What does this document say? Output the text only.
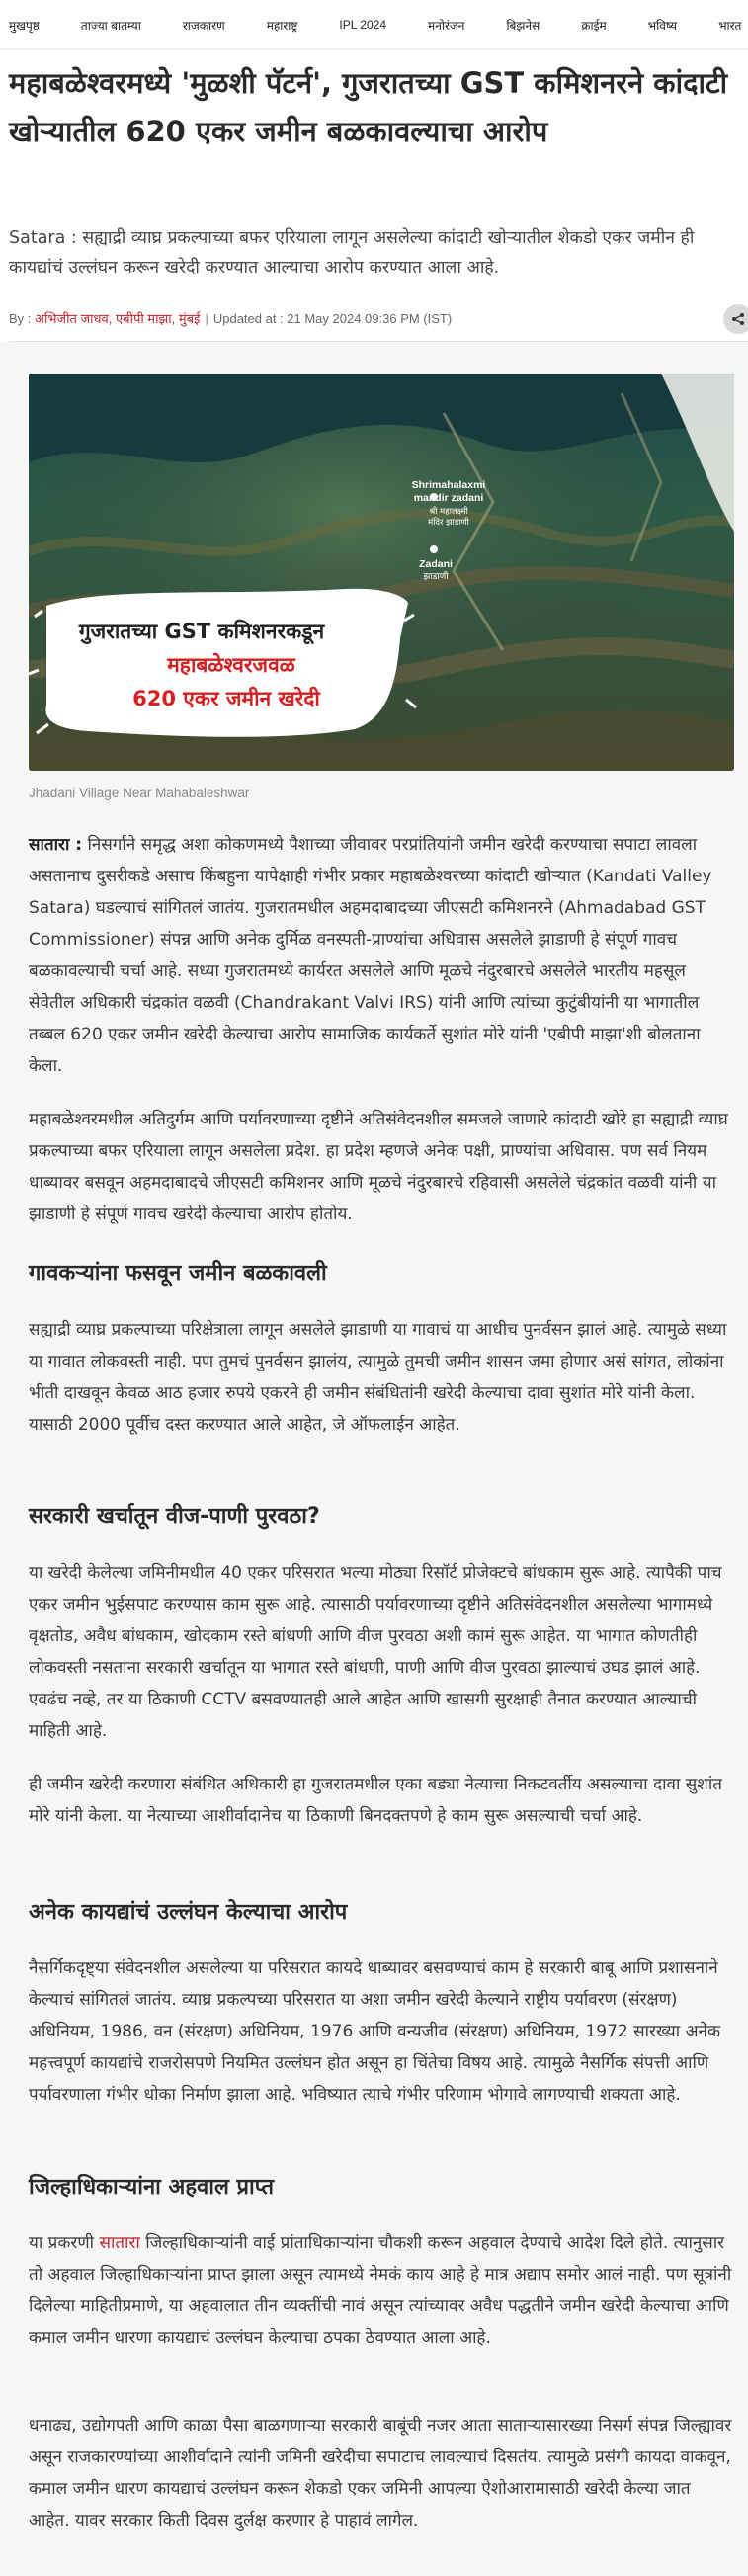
मुखपृष्ठ	ताज्या बातम्या	राजकारण	महाराष्ट्र	IPL 2024	मनोरंजन	बिझनेस	क्राईम	भविष्य	भारत
महाबळेश्वरमध्ये 'मुळशी पॅटर्न', गुजरातच्या GST कमिशनरने कांदाटी खोऱ्यातील 620 एकर जमीन बळकावल्याचा आरोप

Satara : सह्याद्री व्याघ्र प्रकल्पाच्या बफर एरियाला लागून असलेल्या कांदाटी खोऱ्यातील शेकडो एकर जमीन ही कायद्यांचं उल्लंघन करून खरेदी करण्यात आल्याचा आरोप करण्यात आला आहे.

By :
अभिजीत जाधव, एबीपी माझा, मुंबई | Updated at : 21 May 2024 09:36 PM (IST)
Shrimahalaxmi
mandir zadani
श्री महालक्ष्मी
मंदिर झाडाणी
Zadani
झाडाणी
गुजरातच्या GST कमिशनरकडून
महाबळेश्वरजवळ
620 एकर जमीन खरेदी
Jhadani Village Near Mahabaleshwar

सातारा : निसर्गाने समृद्ध अशा कोकणमध्ये पैशाच्या जीवावर परप्रांतियांनी जमीन खरेदी करण्याचा सपाटा लावला असतानाच दुसरीकडे असाच किंबहुना यापेक्षाही गंभीर प्रकार महाबळेश्वरच्या कांदाटी खोऱ्यात (Kandati Valley Satara) घडल्याचं सांगितलं जातंय. गुजरातमधील अहमदाबादच्या जीएसटी कमिशनरने (Ahmadabad GST Commissioner) संपन्न आणि अनेक दुर्मिळ वनस्पती-प्राण्यांचा अधिवास असलेले झाडाणी हे संपूर्ण गावच बळकावल्याची चर्चा आहे. सध्या गुजरातमध्ये कार्यरत असलेले आणि मूळचे नंदुरबारचे असलेले भारतीय महसूल सेवेतील अधिकारी चंद्रकांत वळवी (Chandrakant Valvi IRS) यांनी आणि त्यांच्या कुटुंबीयांनी या भागातील तब्बल 620 एकर जमीन खरेदी केल्याचा आरोप सामाजिक कार्यकर्ते सुशांत मोरे यांनी 'एबीपी माझा'शी बोलताना केला.

महाबळेश्वरमधील अतिदुर्गम आणि पर्यावरणाच्या दृष्टीने अतिसंवेदनशील समजले जाणारे कांदाटी खोरे हा सह्याद्री व्याघ्र प्रकल्पाच्या बफर एरियाला लागून असलेला प्रदेश. हा प्रदेश म्हणजे अनेक पक्षी, प्राण्यांचा अधिवास. पण सर्व नियम धाब्यावर बसवून अहमदाबादचे जीएसटी कमिशनर आणि मूळचे नंदुरबारचे रहिवासी असलेले चंद्रकांत वळवी यांनी या झाडाणी हे संपूर्ण गावच खरेदी केल्याचा आरोप होतोय.

गावकऱ्यांना फसवून जमीन बळकावली

सह्याद्री व्याघ्र प्रकल्पाच्या परिक्षेत्राला लागून असलेले झाडाणी या गावाचं या आधीच पुनर्वसन झालं आहे. त्यामुळे सध्या या गावात लोकवस्ती नाही. पण तुमचं पुनर्वसन झालंय, त्यामुळे तुमची जमीन शासन जमा होणार असं सांगत, लोकांना भीती दाखवून केवळ आठ हजार रुपये एकरने ही जमीन संबंधितांनी खरेदी केल्याचा दावा सुशांत मोरे यांनी केला. यासाठी 2000 पूर्वीच दस्त करण्यात आले आहेत, जे ऑफलाईन आहेत.

सरकारी खर्चातून वीज-पाणी पुरवठा?

या खरेदी केलेल्या जमिनीमधील 40 एकर परिसरात भल्या मोठ्या रिसॉर्ट प्रोजेक्टचे बांधकाम सुरू आहे. त्यापैकी पाच एकर जमीन भुईसपाट करण्यास काम सुरू आहे. त्यासाठी पर्यावरणाच्या दृष्टीने अतिसंवेदनशील असलेल्या भागामध्ये वृक्षतोड, अवैध बांधकाम, खोदकाम रस्ते बांधणी आणि वीज पुरवठा अशी कामं सुरू आहेत. या भागात कोणतीही लोकवस्ती नसताना सरकारी खर्चातून या भागात रस्ते बांधणी, पाणी आणि वीज पुरवठा झाल्याचं उघड झालं आहे. एवढंच नव्हे, तर या ठिकाणी CCTV बसवण्यातही आले आहेत आणि खासगी सुरक्षाही तैनात करण्यात आल्याची माहिती आहे.

ही जमीन खरेदी करणारा संबंधित अधिकारी हा गुजरातमधील एका बड्या नेत्याचा निकटवर्तीय असल्याचा दावा सुशांत मोरे यांनी केला. या नेत्याच्या आशीर्वादानेच या ठिकाणी बिनदक्तपणे हे काम सुरू असल्याची चर्चा आहे.

अनेक कायद्यांचं उल्लंघन केल्याचा आरोप

नैसर्गिकदृष्ट्या संवेदनशील असलेल्या या परिसरात कायदे धाब्यावर बसवण्याचं काम हे सरकारी बाबू आणि प्रशासनाने केल्याचं सांगितलं जातंय. व्याघ्र प्रकल्पच्या परिसरात या अशा जमीन खरेदी केल्याने राष्ट्रीय पर्यावरण (संरक्षण) अधिनियम, 1986, वन (संरक्षण) अधिनियम, 1976 आणि वन्यजीव (संरक्षण) अधिनियम, 1972 सारख्या अनेक महत्त्वपूर्ण कायद्यांचे राजरोसपणे नियमित उल्लंघन होत असून हा चिंतेचा विषय आहे. त्यामुळे नैसर्गिक संपत्ती आणि पर्यावरणाला गंभीर धोका निर्माण झाला आहे. भविष्यात त्याचे गंभीर परिणाम भोगावे लागण्याची शक्यता आहे.

जिल्हाधिकाऱ्यांना अहवाल प्राप्त

या प्रकरणी सातारा जिल्हाधिकाऱ्यांनी वाई प्रांताधिकाऱ्यांना चौकशी करून अहवाल देण्याचे आदेश दिले होते. त्यानुसार तो अहवाल जिल्हाधिकाऱ्यांना प्राप्त झाला असून त्यामध्ये नेमकं काय आहे हे मात्र अद्याप समोर आलं नाही. पण सूत्रांनी दिलेल्या माहितीप्रमाणे, या अहवालात तीन व्यक्तींची नावं असून त्यांच्यावर अवैध पद्धतीने जमीन खरेदी केल्याचा आणि कमाल जमीन धारणा कायद्याचं उल्लंघन केल्याचा ठपका ठेवण्यात आला आहे.

धनाढ्य, उद्योगपती आणि काळा पैसा बाळगणाऱ्या सरकारी बाबूंची नजर आता साताऱ्यासारख्या निसर्ग संपन्न जिल्ह्यावर असून राजकारण्यांच्या आशीर्वादाने त्यांनी जमिनी खरेदीचा सपाटाच लावल्याचं दिसतंय. त्यामुळे प्रसंगी कायदा वाकवून, कमाल जमीन धारण कायद्याचं उल्लंघन करून शेकडो एकर जमिनी आपल्या ऐशोआरामासाठी खरेदी केल्या जात आहेत. यावर सरकार किती दिवस दुर्लक्ष करणार हे पाहावं लागेल.
